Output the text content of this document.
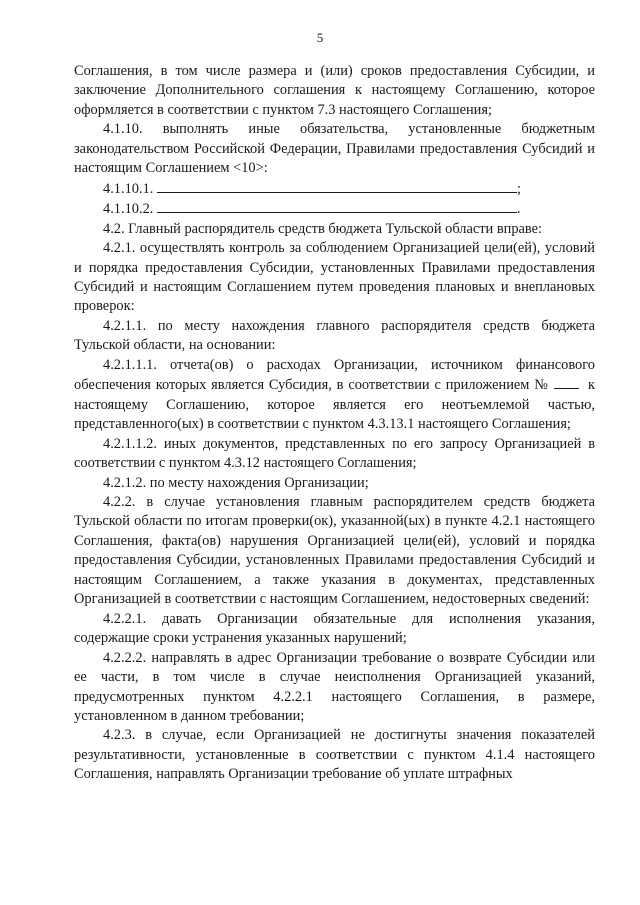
5

Соглашения, в том числе размера и (или) сроков предоставления Субсидии, и заключение Дополнительного соглашения к настоящему Соглашению, которое оформляется в соответствии с пунктом 7.3 настоящего Соглашения;

4.1.10. выполнять иные обязательства, установленные бюджетным законодательством Российской Федерации, Правилами предоставления Субсидий и настоящим Соглашением <10>:

4.1.10.1.	;

4.1.10.2.	.

4.2. Главный распорядитель средств бюджета Тульской области вправе:

4.2.1. осуществлять контроль за соблюдением Организацией цели(ей), условий и порядка предоставления Субсидии, установленных Правилами предоставления Субсидий и настоящим Соглашением путем проведения плановых и внеплановых проверок:

4.2.1.1. по месту нахождения главного распорядителя средств бюджета Тульской области, на основании:

4.2.1.1.1. отчета(ов) о расходах Организации, источником финансового обеспечения которых является Субсидия, в соответствии с приложением №	к настоящему Соглашению, которое является его неотъемлемой частью, представленного(ых) в соответствии с пунктом 4.3.13.1 настоящего Соглашения;

4.2.1.1.2. иных документов, представленных по его запросу Организацией в соответствии с пунктом 4.3.12 настоящего Соглашения;

4.2.1.2. по месту нахождения Организации;

4.2.2. в случае установления главным распорядителем средств бюджета Тульской области по итогам проверки(ок), указанной(ых) в пункте 4.2.1 настоящего Соглашения, факта(ов) нарушения Организацией цели(ей), условий и порядка предоставления Субсидии, установленных Правилами предоставления Субсидий и настоящим Соглашением, а также указания в документах, представленных Организацией в соответствии с настоящим Соглашением, недостоверных сведений:

4.2.2.1. давать Организации обязательные для исполнения указания, содержащие сроки устранения указанных нарушений;

4.2.2.2. направлять в адрес Организации требование о возврате Субсидии или ее части, в том числе в случае неисполнения Организацией указаний, предусмотренных пунктом 4.2.2.1 настоящего Соглашения, в размере, установленном в данном требовании;

4.2.3. в случае, если Организацией не достигнуты значения показателей результативности, установленные в соответствии с пунктом 4.1.4 настоящего Соглашения, направлять Организации требование об уплате штрафных
